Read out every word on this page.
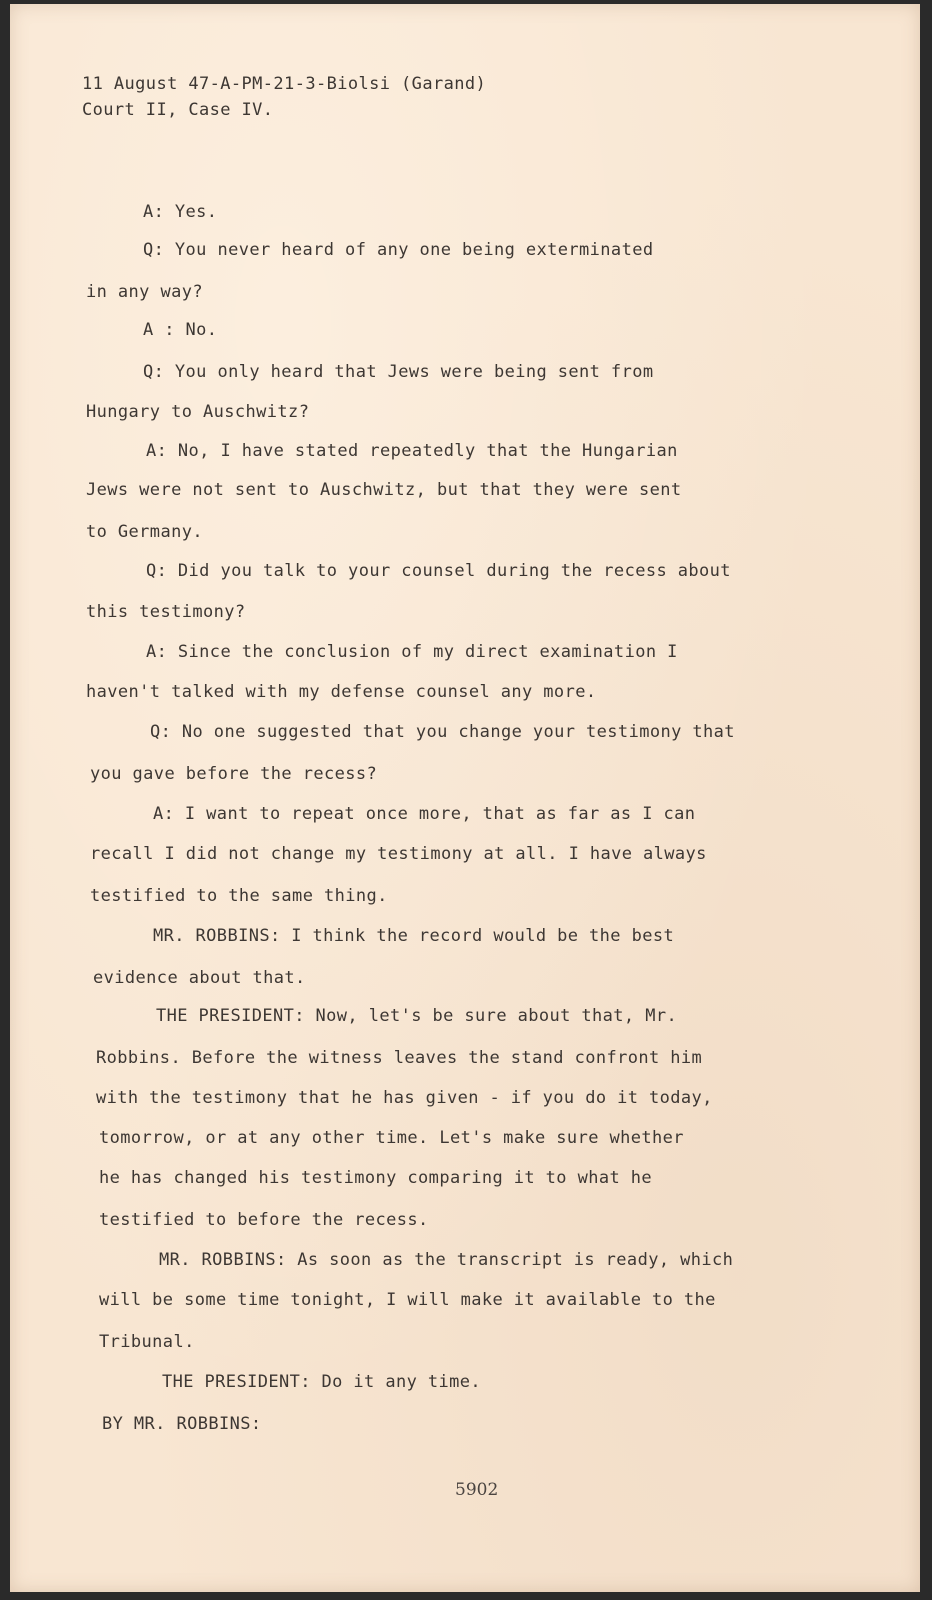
11 August 47-A-PM-21-3-Biolsi (Garand)

Court II, Case IV.

A: Yes.

Q: You never heard of any one being exterminated

in any way?

A : No.

Q: You only heard that Jews were being sent from

Hungary to Auschwitz?

A: No, I have stated repeatedly that the Hungarian

Jews were not sent to Auschwitz, but that they were sent

to Germany.

Q: Did you talk to your counsel during the recess about

this testimony?

A: Since the conclusion of my direct examination I

haven't talked with my defense counsel any more.

Q: No one suggested that you change your testimony that

you gave before the recess?

A: I want to repeat once more, that as far as I can

recall I did not change my testimony at all. I have always

testified to the same thing.

MR. ROBBINS: I think the record would be the best

evidence about that.

THE PRESIDENT: Now, let's be sure about that, Mr.

Robbins. Before the witness leaves the stand confront him

with the testimony that he has given - if you do it today,

tomorrow, or at any other time. Let's make sure whether

he has changed his testimony comparing it to what he

testified to before the recess.

MR. ROBBINS: As soon as the transcript is ready, which

will be some time tonight, I will make it available to the

Tribunal.

THE PRESIDENT: Do it any time.

BY MR. ROBBINS:

5902
